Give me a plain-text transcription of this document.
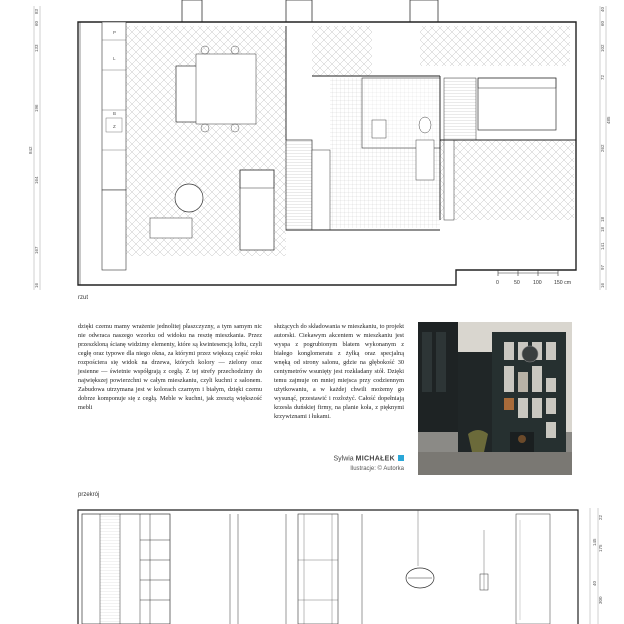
P
L
B
Z
83
60
133
196
842
164
167
16
40
60
102
72
485
262
18
18
141
97
16
0	50	100 150 cm
rzut

dzięki czemu mamy wrażenie jednolitej płaszczyzny, a tym samym nic nie odwraca naszego wzorku od widoku na resztę mieszkania. Przez przeszkloną ścianę widzimy elementy, które są kwintesencją loftu, czyli cegłę oraz typowe dla niego okna, za którymi przez większą część roku rozpościera się widok na drzewa, których kolory — zielony oraz jesienne — świetnie współgrają z cegłą. Z tej strefy przechodzimy do największej powierzchni w całym mieszkaniu, czyli kuchni z salonem. Zabudowa utrzymana jest w kolorach czarnym i białym, dzięki czemu dobrze komponuje się z cegłą. Meble w kuchni, jak zresztą większość mebli

służących do składowania w mieszkaniu, to projekt autorski. Ciekawym akcentem w mieszkaniu jest wyspa z pogrubionym blatem wykonanym z białego konglomeratu z żyłką oraz specjalną wnęką od strony salonu, gdzie na głębokość 30 centymetrów wsunięty jest rozkładany stół. Dzięki temu zajmuje on mniej miejsca przy codziennym użytkowaniu, a w każdej chwili możemy go wysunąć, przestawić i rozłożyć. Całość dopełniają krzesła duńskiej firmy, na planie koła, z pięknymi krzywiznami i łukami.

Sylwia MICHAŁEK
Ilustracje: © Autorka
przekrój
22
145
175
40
300
